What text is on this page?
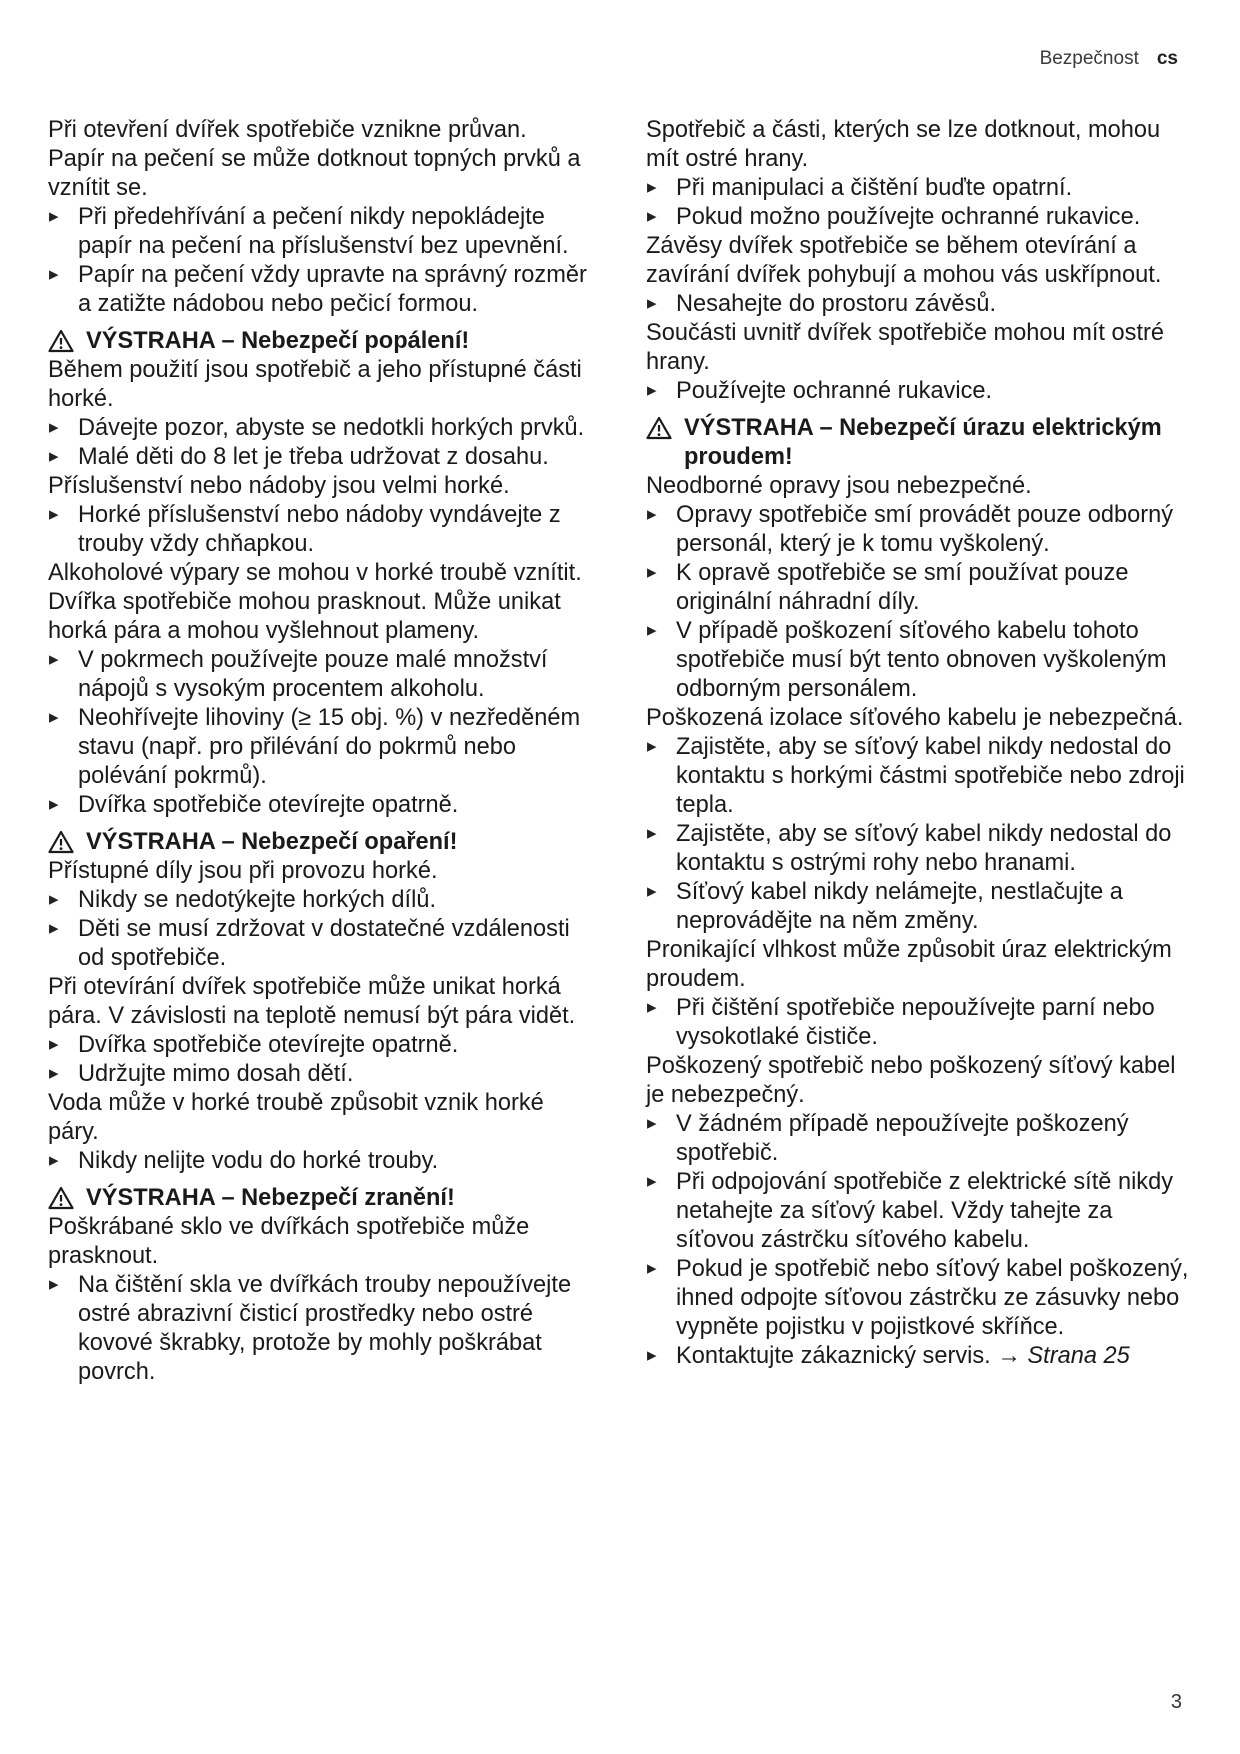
Bezpečnost cs
Při otevření dvířek spotřebiče vznikne průvan. Papír na pečení se může dotknout topných prvků a vznítit se.
▸ Při předehřívání a pečení nikdy nepokládejte papír na pečení na příslušenství bez upevnění.
▸ Papír na pečení vždy upravte na správný rozměr a zatižte nádobou nebo pečicí formou.
VÝSTRAHA – Nebezpečí popálení!
Během použití jsou spotřebič a jeho přístupné části horké.
▸ Dávejte pozor, abyste se nedotkli horkých prvků.
▸ Malé děti do 8 let je třeba udržovat z dosahu.
Příslušenství nebo nádoby jsou velmi horké.
▸ Horké příslušenství nebo nádoby vyndávejte z trouby vždy chňapkou.
Alkoholové výpary se mohou v horké troubě vznítit. Dvířka spotřebiče mohou prasknout. Může unikat horká pára a mohou vyšlehnout plameny.
▸ V pokrmech používejte pouze malé množství nápojů s vysokým procentem alkoholu.
▸ Neohřívejte lihoviny (≥ 15 obj. %) v nezředěném stavu (např. pro přilévání do pokrmů nebo polévání pokrmů).
▸ Dvířka spotřebiče otevírejte opatrně.
VÝSTRAHA – Nebezpečí opaření!
Přístupné díly jsou při provozu horké.
▸ Nikdy se nedotýkejte horkých dílů.
▸ Děti se musí zdržovat v dostatečné vzdálenosti od spotřebiče.
Při otevírání dvířek spotřebiče může unikat horká pára. V závislosti na teplotě nemusí být pára vidět.
▸ Dvířka spotřebiče otevírejte opatrně.
▸ Udržujte mimo dosah dětí.
Voda může v horké troubě způsobit vznik horké páry.
▸ Nikdy nelijte vodu do horké trouby.
VÝSTRAHA – Nebezpečí zranění!
Poškrábané sklo ve dvířkách spotřebiče může prasknout.
▸ Na čištění skla ve dvířkách trouby nepoužívejte ostré abrazivní čisticí prostředky nebo ostré kovové škrabky, protože by mohly poškrábat povrch.
Spotřebič a části, kterých se lze dotknout, mohou mít ostré hrany.
▸ Při manipulaci a čištění buďte opatrní.
▸ Pokud možno používejte ochranné rukavice.
Závěsy dvířek spotřebiče se během otevírání a zavírání dvířek pohybují a mohou vás uskřípnout.
▸ Nesahejte do prostoru závěsů.
Součásti uvnitř dvířek spotřebiče mohou mít ostré hrany.
▸ Používejte ochranné rukavice.
VÝSTRAHA – Nebezpečí úrazu elektrickým proudem!
Neodborné opravy jsou nebezpečné.
▸ Opravy spotřebiče smí provádět pouze odborný personál, který je k tomu vyškolený.
▸ K opravě spotřebiče se smí používat pouze originální náhradní díly.
▸ V případě poškození síťového kabelu tohoto spotřebiče musí být tento obnoven vyškoleným odborným personálem.
Poškozená izolace síťového kabelu je nebezpečná.
▸ Zajistěte, aby se síťový kabel nikdy nedostal do kontaktu s horkými částmi spotřebiče nebo zdroji tepla.
▸ Zajistěte, aby se síťový kabel nikdy nedostal do kontaktu s ostrými rohy nebo hranami.
▸ Síťový kabel nikdy nelámejte, nestlačujte a neprovádějte na něm změny.
Pronikající vlhkost může způsobit úraz elektrickým proudem.
▸ Při čištění spotřebiče nepoužívejte parní nebo vysokotlaké čističe.
Poškozený spotřebič nebo poškozený síťový kabel je nebezpečný.
▸ V žádném případě nepoužívejte poškozený spotřebič.
▸ Při odpojování spotřebiče z elektrické sítě nikdy netahejte za síťový kabel. Vždy tahejte za síťovou zástrčku síťového kabelu.
▸ Pokud je spotřebič nebo síťový kabel poškozený, ihned odpojte síťovou zástrčku ze zásuvky nebo vypněte pojistku v pojistkové skříňce.
▸ Kontaktujte zákaznický servis. → Strana 25
3
